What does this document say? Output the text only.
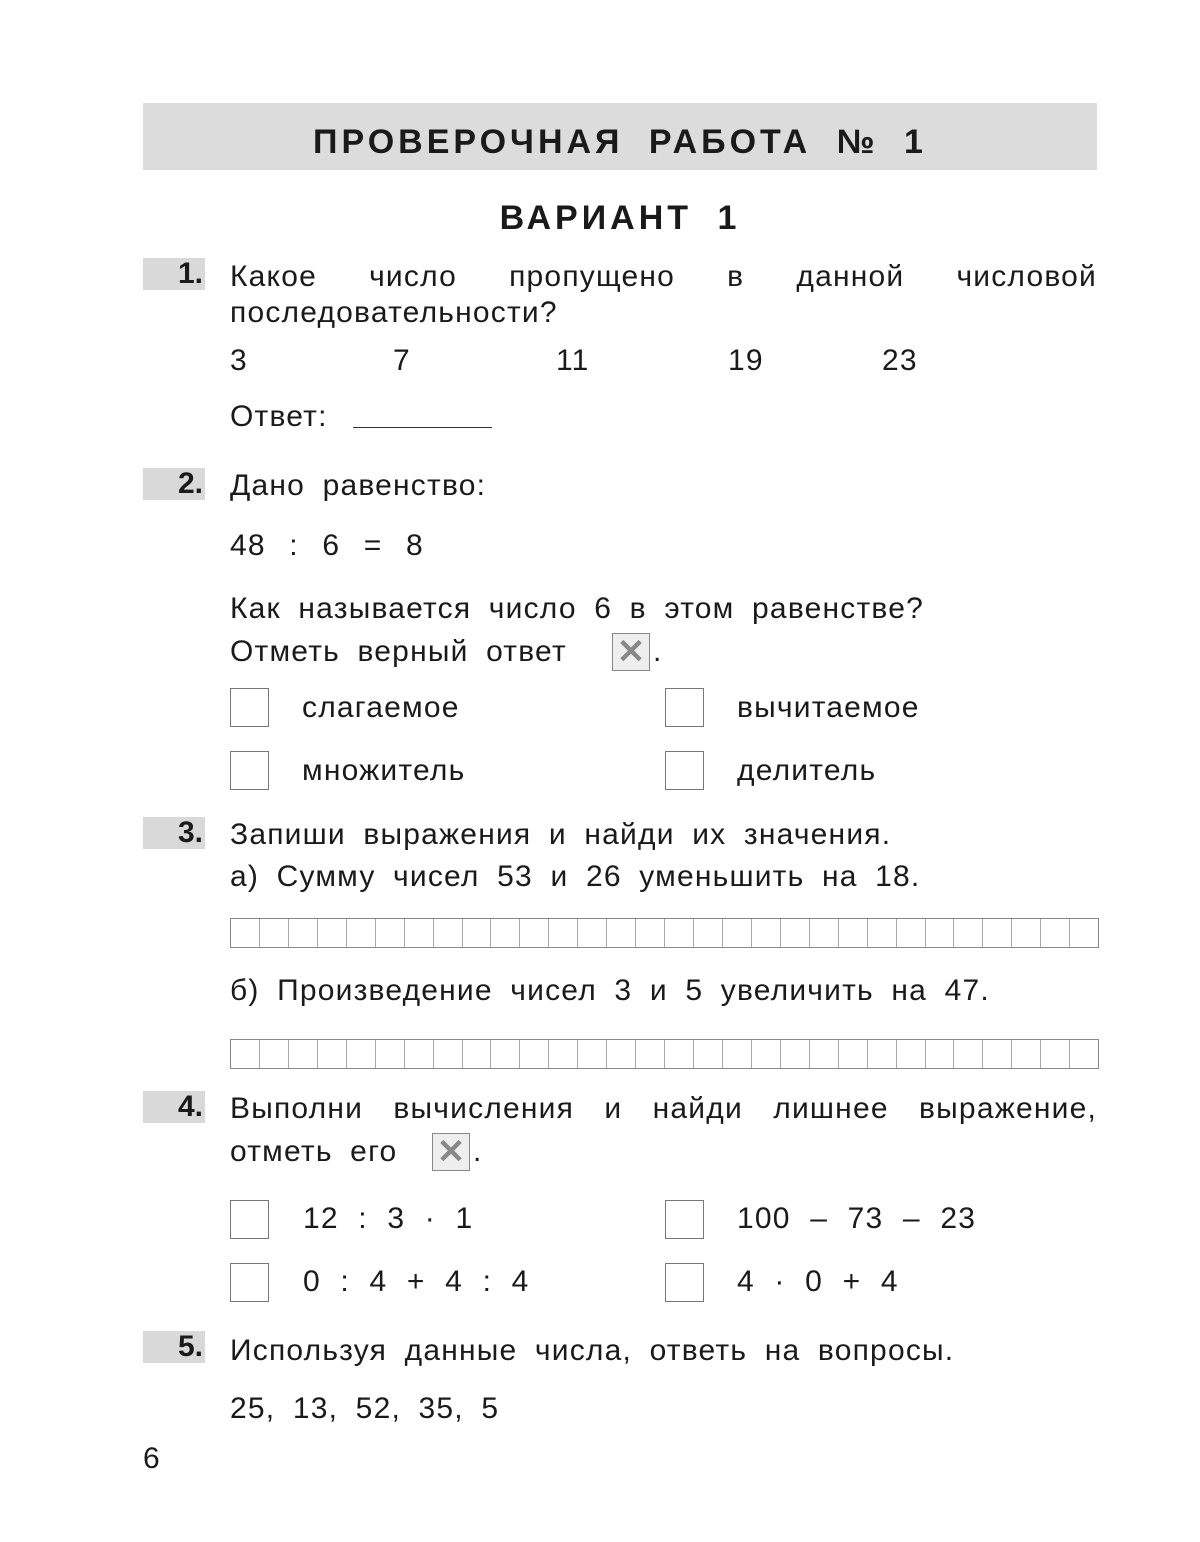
ПРОВЕРОЧНАЯ РАБОТА № 1
ВАРИАНТ 1
1. Какое число пропущено в данной числовой
последовательности?
3	7	11	19	23
Ответ:
2. Дано равенство:
48 : 6 = 8
Как называется число 6 в этом равенстве?
Отметь верный ответ ✕ .
слагаемое	вычитаемое
множитель	делитель
3. Запиши выражения и найди их значения.
а) Сумму чисел 53 и 26 уменьшить на 18.
б) Произведение чисел 3 и 5 увеличить на 47.
4. Выполни вычисления и найди лишнее выражение,
отметь его ✕ .
12 : 3 · 1	100 – 73 – 23
0 : 4 + 4 : 4	4 · 0 + 4
5. Используя данные числа, ответь на вопросы.
25, 13, 52, 35, 5
6
